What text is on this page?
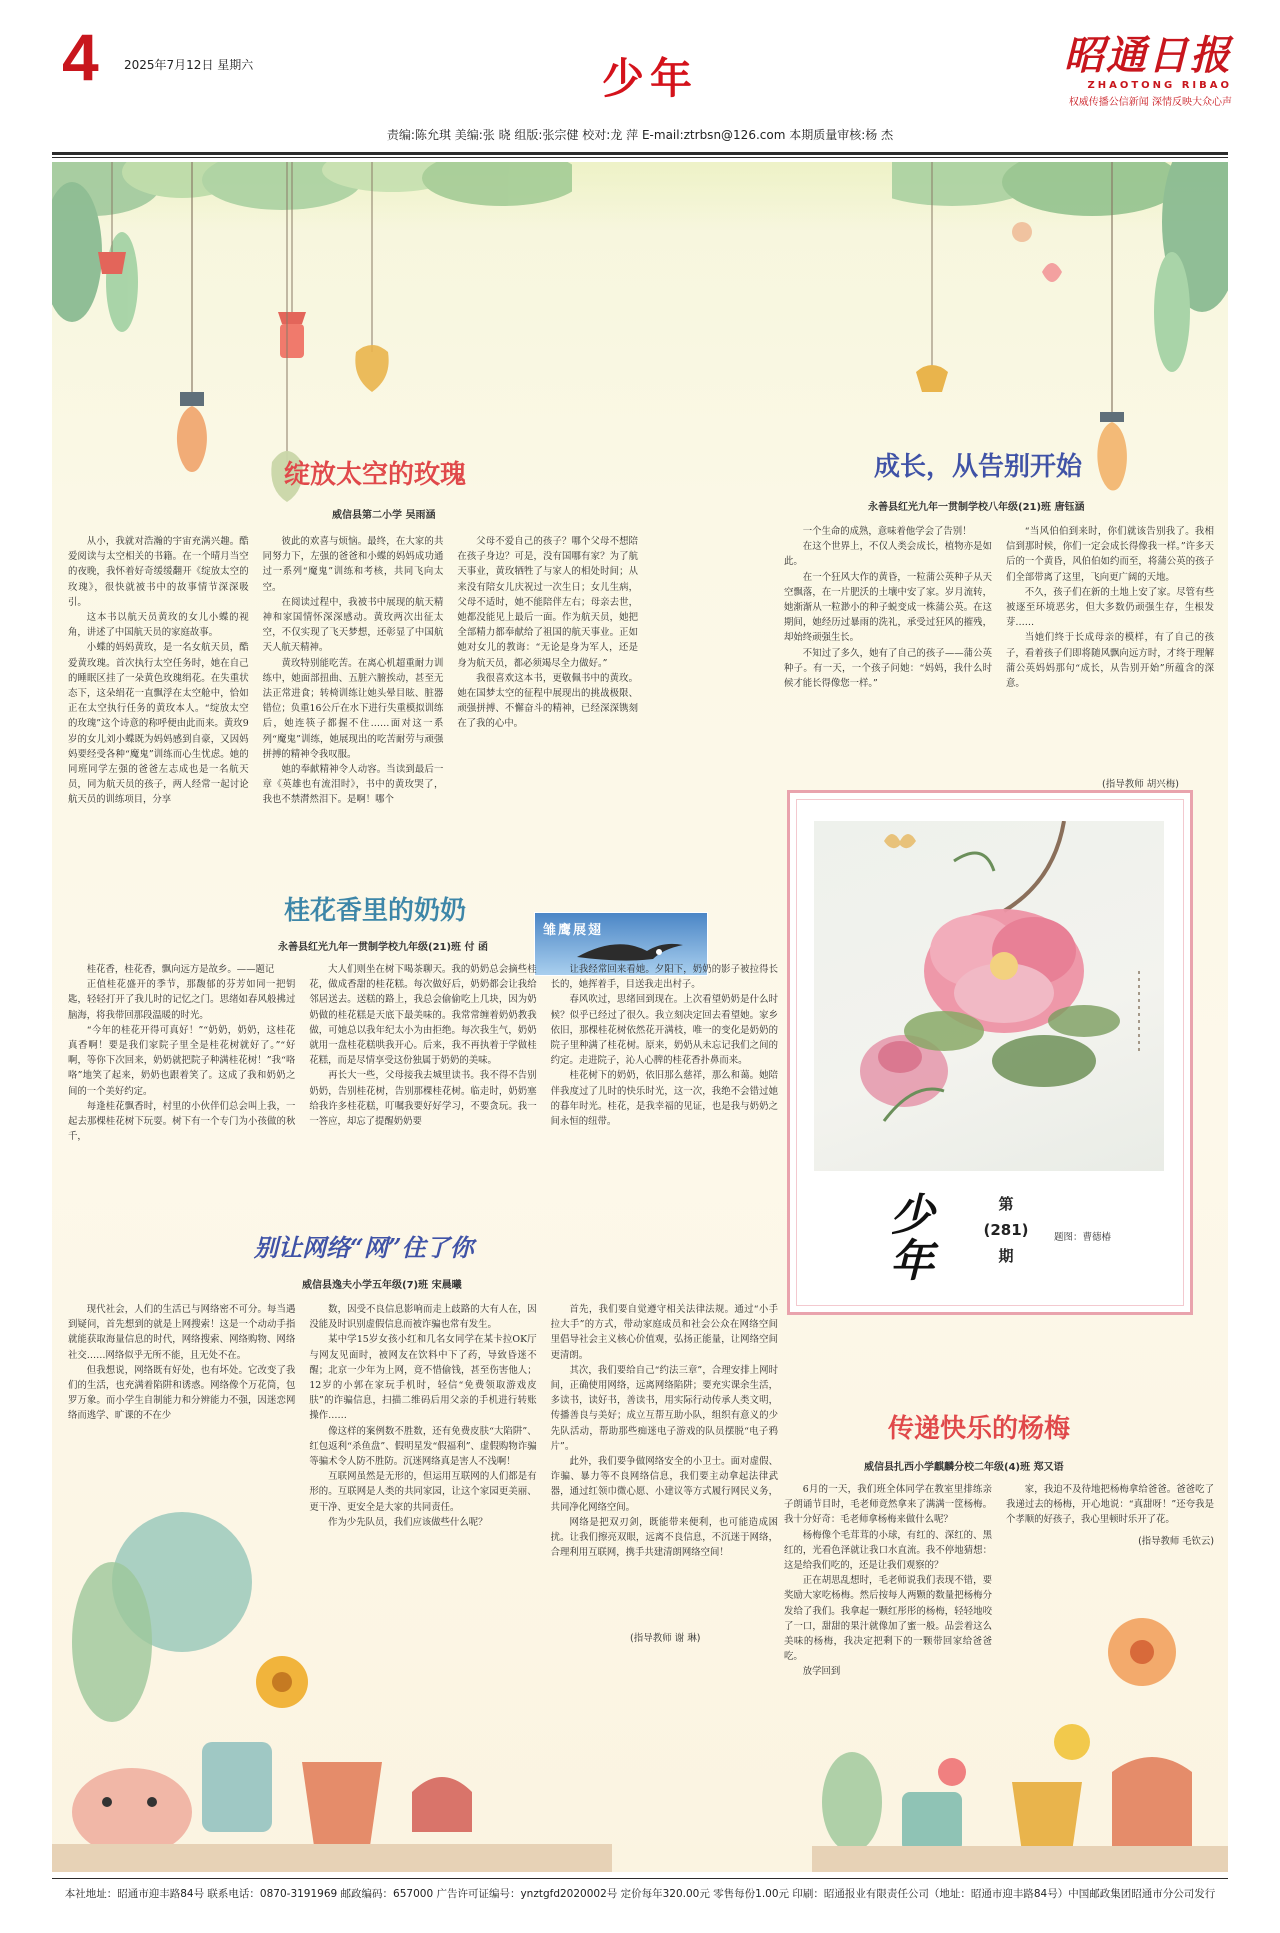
4 2025年7月12日 星期六	少年	昭通日报
ZHAOTONG RIBAO
权威传播公信新闻 深情反映大众心声
责编:陈允琪 美编:张 晓 组版:张宗健 校对:龙 萍 E-mail:ztrbsn@126.com 本期质量审核:杨 杰
绽放太空的玫瑰
威信县第二小学 吴雨涵

从小，我就对浩瀚的宇宙充满兴趣。酷爱阅读与太空相关的书籍。在一个晴月当空的夜晚，我怀着好奇缓缓翻开《绽放太空的玫瑰》，很快就被书中的故事情节深深吸引。

这本书以航天员黄玫的女儿小蝶的视角，讲述了中国航天员的家庭故事。

小蝶的妈妈黄玫，是一名女航天员，酷爱黄玫瑰。首次执行太空任务时，她在自己的睡眠区挂了一朵黄色玫瑰绢花。在失重状态下，这朵绢花一直飘浮在太空舱中，恰如正在太空执行任务的黄玫本人。“绽放太空的玫瑰”这个诗意的称呼便由此而来。黄玫9岁的女儿刘小蝶既为妈妈感到自豪，又因妈妈要经受各种“魔鬼”训练而心生忧虑。她的同班同学左强的爸爸左志成也是一名航天员，同为航天员的孩子，两人经常一起讨论航天员的训练项目，分享

彼此的欢喜与烦恼。最终，在大家的共同努力下，左强的爸爸和小蝶的妈妈成功通过一系列“魔鬼”训练和考核，共同飞向太空。

在阅读过程中，我被书中展现的航天精神和家国情怀深深感动。黄玫两次出征太空，不仅实现了飞天梦想，还彰显了中国航天人航天精神。

黄玫特别能吃苦。在离心机超重耐力训练中，她面部扭曲、五脏六腑挨动，甚至无法正常进食；转椅训练让她头晕目眩、脏器错位；负重16公斤在水下进行失重模拟训练后，她连筷子都握不住……面对这一系列“魔鬼”训练，她展现出的吃苦耐劳与顽强拼搏的精神令我叹服。

她的奉献精神令人动容。当读到最后一章《英雄也有流泪时》，书中的黄玫哭了，我也不禁潸然泪下。是啊！哪个

父母不爱自己的孩子？哪个父母不想陪在孩子身边？可是，没有国哪有家？为了航天事业，黄玫牺牲了与家人的相处时间；从来没有陪女儿庆祝过一次生日；女儿生病，父母不适时，她不能陪伴左右；母亲去世，她都没能见上最后一面。作为航天员，她把全部精力都奉献给了祖国的航天事业。正如她对女儿的教诲：“无论是身为军人，还是身为航天员，都必须竭尽全力做好。”

我很喜欢这本书，更敬佩书中的黄玫。她在国梦太空的征程中展现出的挑战极限、顽强拼搏、不懈奋斗的精神，已经深深镌刻在了我的心中。

雏鹰展翅
成长，从告别开始
永善县红光九年一贯制学校八年级(21)班 唐钰涵

一个生命的成熟，意味着他学会了告别！

在这个世界上，不仅人类会成长，植物亦是如此。

在一个狂风大作的黄昏，一粒蒲公英种子从天空飘落，在一片肥沃的土壤中安了家。岁月流转，她渐渐从一粒渺小的种子蜕变成一株蒲公英。在这期间，她经历过暴雨的洗礼，承受过狂风的摧残，却始终顽强生长。

不知过了多久，她有了自己的孩子——蒲公英种子。有一天，一个孩子问她：“妈妈，我什么时候才能长得像您一样。”

“当风伯伯到来时，你们就该告别我了。我相信到那时候，你们一定会成长得像我一样。”许多天后的一个黄昏，风伯伯如约而至，将蒲公英的孩子们全部带离了这里，飞向更广阔的天地。

不久，孩子们在新的土地上安了家。尽管有些被逐至环境恶劣，但大多数仍顽强生存，生根发芽……

当她们终于长成母亲的模样，有了自己的孩子，看着孩子们即将随风飘向远方时，才终于理解蒲公英妈妈那句“成长，从告别开始”所蕴含的深意。

(指导教师 胡兴梅)
少年
第
(281)
期
题图：曹德椿
桂花香里的奶奶
永善县红光九年一贯制学校九年级(21)班 付 函

桂花香，桂花香，飘向远方是故乡。——题记

正值桂花盛开的季节，那馥郁的芬芳如同一把钥匙，轻轻打开了我儿时的记忆之门。思绪如春风般拂过脑海，将我带回那段温暖的时光。

“今年的桂花开得可真好！”“奶奶，奶奶，这桂花真香啊！要是我们家院子里全是桂花树就好了。”“好啊，等你下次回来，奶奶就把院子种满桂花树！”我“咯咯”地笑了起来，奶奶也跟着笑了。这成了我和奶奶之间的一个美好约定。

每逢桂花飘香时，村里的小伙伴们总会叫上我，一起去那棵桂花树下玩耍。树下有一个专门为小孩做的秋千，

大人们则坐在树下喝茶聊天。我的奶奶总会摘些桂花，做成香甜的桂花糕。每次做好后，奶奶都会让我给邻居送去。送糕的路上，我总会偷偷吃上几块，因为奶奶做的桂花糕是天底下最美味的。我常常缠着奶奶教我做，可她总以我年纪太小为由拒绝。每次我生气，奶奶就用一盘桂花糕哄我开心。后来，我不再执着于学做桂花糕，而是尽情享受这份独属于奶奶的美味。

再长大一些，父母接我去城里读书。我不得不告别奶奶，告别桂花树，告别那棵桂花树。临走时，奶奶塞给我许多桂花糕，叮嘱我要好好学习，不要贪玩。我一一答应，却忘了提醒奶奶要

让我经常回来看她。夕阳下，奶奶的影子被拉得长长的，她挥着手，目送我走出村子。

春风吹过，思绪回到现在。上次看望奶奶是什么时候？似乎已经过了很久。我立刻决定回去看望她。家乡依旧，那棵桂花树依然花开满枝，唯一的变化是奶奶的院子里种满了桂花树。原来，奶奶从未忘记我们之间的约定。走进院子，沁人心脾的桂花香扑鼻而来。

桂花树下的奶奶，依旧那么慈祥，那么和蔼。她陪伴我度过了儿时的快乐时光，这一次，我绝不会错过她的暮年时光。桂花，是我幸福的见证，也是我与奶奶之间永恒的纽带。

别让网络“网”住了你
威信县逸夫小学五年级(7)班 宋晨曦

现代社会，人们的生活已与网络密不可分。每当遇到疑问，首先想到的就是上网搜索！这是一个动动手指就能获取海量信息的时代，网络搜索、网络购物、网络社交……网络似乎无所不能，且无处不在。

但我想说，网络既有好处，也有坏处。它改变了我们的生活，也充满着陷阱和诱惑。网络像个万花筒，包罗万象。而小学生自制能力和分辨能力不强，因迷恋网络而逃学、旷课的不在少

数，因受不良信息影响而走上歧路的大有人在，因没能及时识别虚假信息而被诈骗也常有发生。

某中学15岁女孩小红和几名女同学在某卡拉OK厅与网友见面时，被网友在饮料中下了药，导致昏迷不醒；北京一少年为上网，竟不惜偷钱，甚至伤害他人；12岁的小郭在家玩手机时，轻信“免费领取游戏皮肤”的诈骗信息，扫描二维码后用父亲的手机进行转账操作……

像这样的案例数不胜数，还有免费皮肤“大陷阱”、红包返利“杀鱼盘”、假明星发“假福利”、虚假购物诈骗等骗术令人防不胜防。沉迷网络真是害人不浅啊！

互联网虽然是无形的，但运用互联网的人们都是有形的。互联网是人类的共同家园，让这个家园更美丽、更干净、更安全是大家的共同责任。

作为少先队员，我们应该做些什么呢？

首先，我们要自觉遵守相关法律法规。通过“小手拉大手”的方式，带动家庭成员和社会公众在网络空间里倡导社会主义核心价值观，弘扬正能量，让网络空间更清朗。

其次，我们要给自己“约法三章”，合理安排上网时间，正确使用网络，远离网络陷阱；要充实课余生活，多读书，读好书，善读书，用实际行动传承人类文明，传播善良与美好；成立互帮互助小队，组织有意义的少先队活动，帮助那些痴迷电子游戏的队员摆脱“电子鸦片”。

此外，我们要争做网络安全的小卫士。面对虚假、诈骗、暴力等不良网络信息，我们要主动拿起法律武器，通过红领巾微心愿、小建议等方式履行网民义务，共同净化网络空间。

网络是把双刃剑，既能带来便利，也可能造成困扰。让我们擦亮双眼，远离不良信息，不沉迷于网络，合理利用互联网，携手共建清朗网络空间！

(指导教师 谢 琳)
传递快乐的杨梅
威信县扎西小学麒麟分校二年级(4)班 郑又语

6月的一天，我们班全体同学在教室里排练亲子朗诵节目时，毛老师竟然拿来了满满一筐杨梅。我十分好奇：毛老师拿杨梅来做什么呢？

杨梅像个毛茸茸的小球，有红的、深红的、黑红的，光看色泽就让我口水直流。我不停地猜想：这是给我们吃的，还是让我们观察的？

正在胡思乱想时，毛老师说我们表现不错，要奖励大家吃杨梅。然后按每人两颗的数量把杨梅分发给了我们。我拿起一颗红彤彤的杨梅，轻轻地咬了一口，甜甜的果汁就像加了蜜一般。品尝着这么美味的杨梅，我决定把剩下的一颗带回家给爸爸吃。

放学回到

家，我迫不及待地把杨梅拿给爸爸。爸爸吃了我递过去的杨梅，开心地说：“真甜呀！”还夸我是个孝顺的好孩子，我心里顿时乐开了花。

(指导教师 毛钦云)
本社地址：昭通市迎丰路84号 联系电话：0870-3191969 邮政编码：657000 广告许可证编号：ynztgfd2020002号 定价每年320.00元 零售每份1.00元 印刷：昭通报业有限责任公司（地址：昭通市迎丰路84号）中国邮政集团昭通市分公司发行
